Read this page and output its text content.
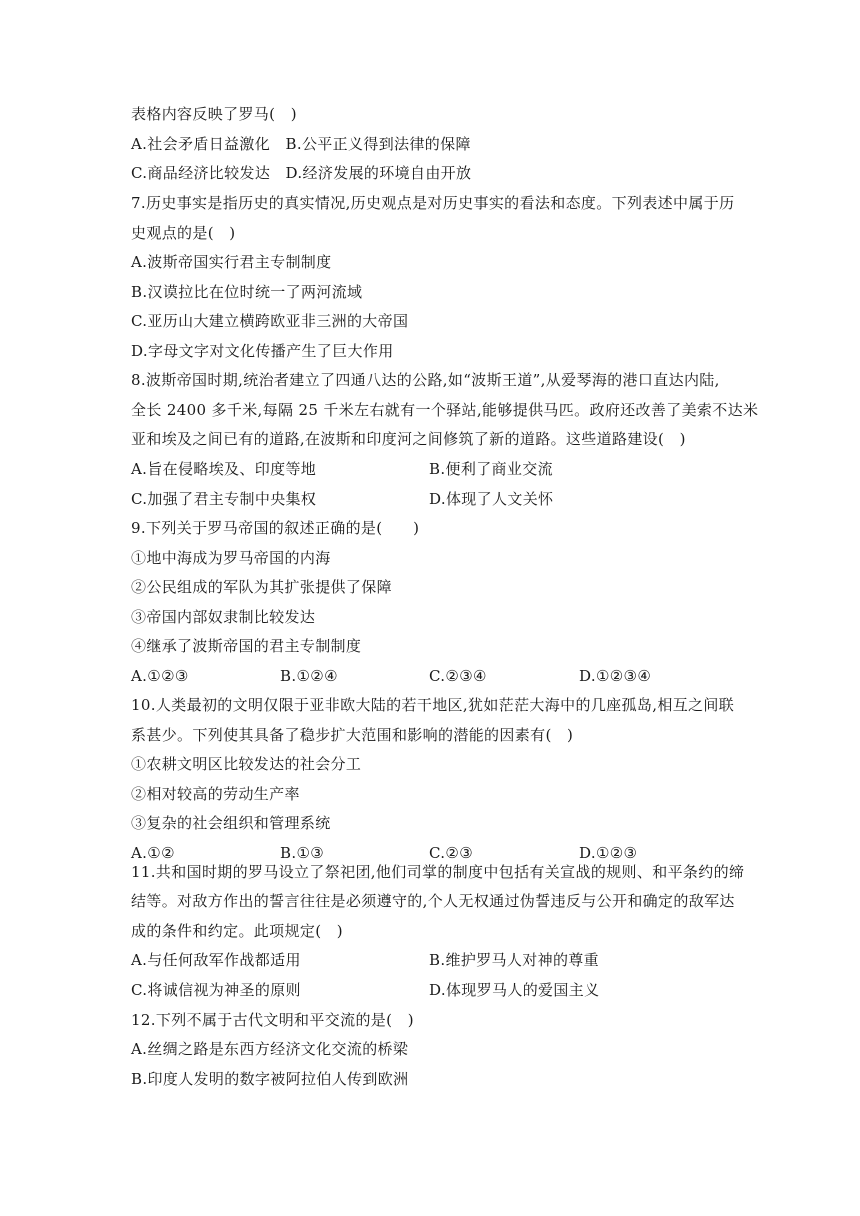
表格内容反映了罗马(　)
A.社会矛盾日益激化　B.公平正义得到法律的保障
C.商品经济比较发达　D.经济发展的环境自由开放
7.历史事实是指历史的真实情况,历史观点是对历史事实的看法和态度。下列表述中属于历
史观点的是(　)
A.波斯帝国实行君主专制制度
B.汉谟拉比在位时统一了两河流域
C.亚历山大建立横跨欧亚非三洲的大帝国
D.字母文字对文化传播产生了巨大作用
8.波斯帝国时期,统治者建立了四通八达的公路,如“波斯王道”,从爱琴海的港口直达内陆,
全长 2400 多千米,每隔 25 千米左右就有一个驿站,能够提供马匹。政府还改善了美索不达米
亚和埃及之间已有的道路,在波斯和印度河之间修筑了新的道路。这些道路建设(　)
A.旨在侵略埃及、印度等地	B.便利了商业交流
C.加强了君主专制中央集权	D.体现了人文关怀
9.下列关于罗马帝国的叙述正确的是(　　)
①地中海成为罗马帝国的内海
②公民组成的军队为其扩张提供了保障
③帝国内部奴隶制比较发达
④继承了波斯帝国的君主专制制度
A.①②③	B.①②④	C.②③④	D.①②③④
10.人类最初的文明仅限于亚非欧大陆的若干地区,犹如茫茫大海中的几座孤岛,相互之间联
系甚少。下列使其具备了稳步扩大范围和影响的潜能的因素有(　)
①农耕文明区比较发达的社会分工
②相对较高的劳动生产率
③复杂的社会组织和管理系统
A.①②	B.①③	C.②③	D.①②③
11.共和国时期的罗马设立了祭祀团,他们司掌的制度中包括有关宣战的规则、和平条约的缔
结等。对敌方作出的誓言往往是必须遵守的,个人无权通过伪誓违反与公开和确定的敌军达
成的条件和约定。此项规定(　)
A.与任何敌军作战都适用	B.维护罗马人对神的尊重
C.将诚信视为神圣的原则	D.体现罗马人的爱国主义
12.下列不属于古代文明和平交流的是(　)
A.丝绸之路是东西方经济文化交流的桥梁
B.印度人发明的数字被阿拉伯人传到欧洲
